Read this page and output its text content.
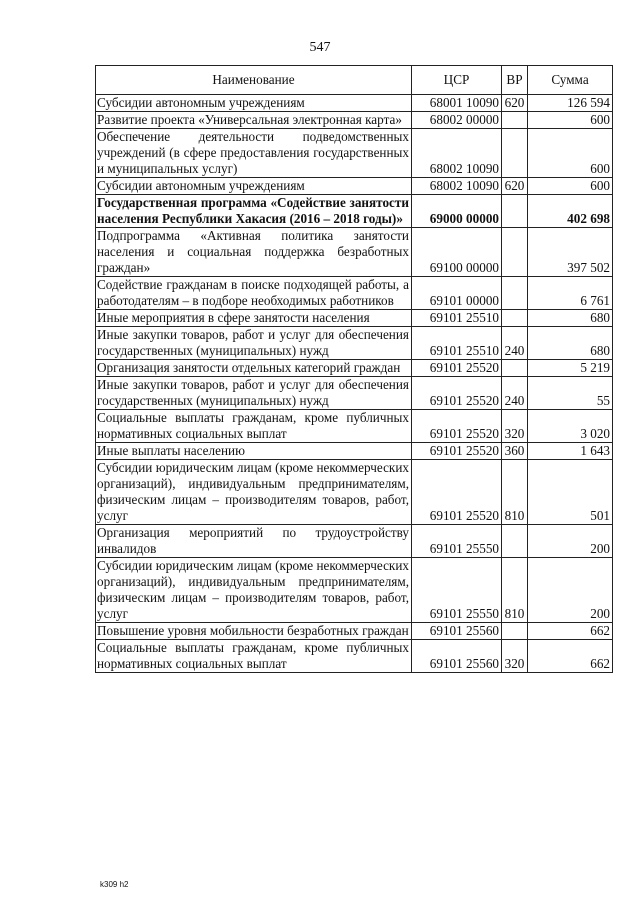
547
Наименование	ЦСР	ВР	Сумма
Субсидии автономным учреждениям	68001 10090	620	126 594
Развитие проекта «Универсальная электронная карта»	68002 00000		600
Обеспечение деятельности подведомственных учреждений (в сфере предоставления государственных и муниципальных услуг)	68002 10090		600
Субсидии автономным учреждениям	68002 10090	620	600
Государственная программа «Содействие занятости населения Республики Хакасия (2016 – 2018 годы)»	69000 00000		402 698
Подпрограмма «Активная политика занятости населения и социальная поддержка безработных граждан»	69100 00000		397 502
Содействие гражданам в поиске подходящей работы, а работодателям – в подборе необходимых работников	69101 00000		6 761
Иные мероприятия в сфере занятости населения	69101 25510		680
Иные закупки товаров, работ и услуг для обеспечения государственных (муниципальных) нужд	69101 25510	240	680
Организация занятости отдельных категорий граждан	69101 25520		5 219
Иные закупки товаров, работ и услуг для обеспечения государственных (муниципальных) нужд	69101 25520	240	55
Социальные выплаты гражданам, кроме публичных нормативных социальных выплат	69101 25520	320	3 020
Иные выплаты населению	69101 25520	360	1 643
Субсидии юридическим лицам (кроме некоммерческих организаций), индивидуальным предпринимателям, физическим лицам – производителям товаров, работ, услуг	69101 25520	810	501
Организация мероприятий по трудоустройству инвалидов	69101 25550		200
Субсидии юридическим лицам (кроме некоммерческих организаций), индивидуальным предпринимателям, физическим лицам – производителям товаров, работ, услуг	69101 25550	810	200
Повышение уровня мобильности безработных граждан	69101 25560		662
Социальные выплаты гражданам, кроме публичных нормативных социальных выплат	69101 25560	320	662
k309 h2
